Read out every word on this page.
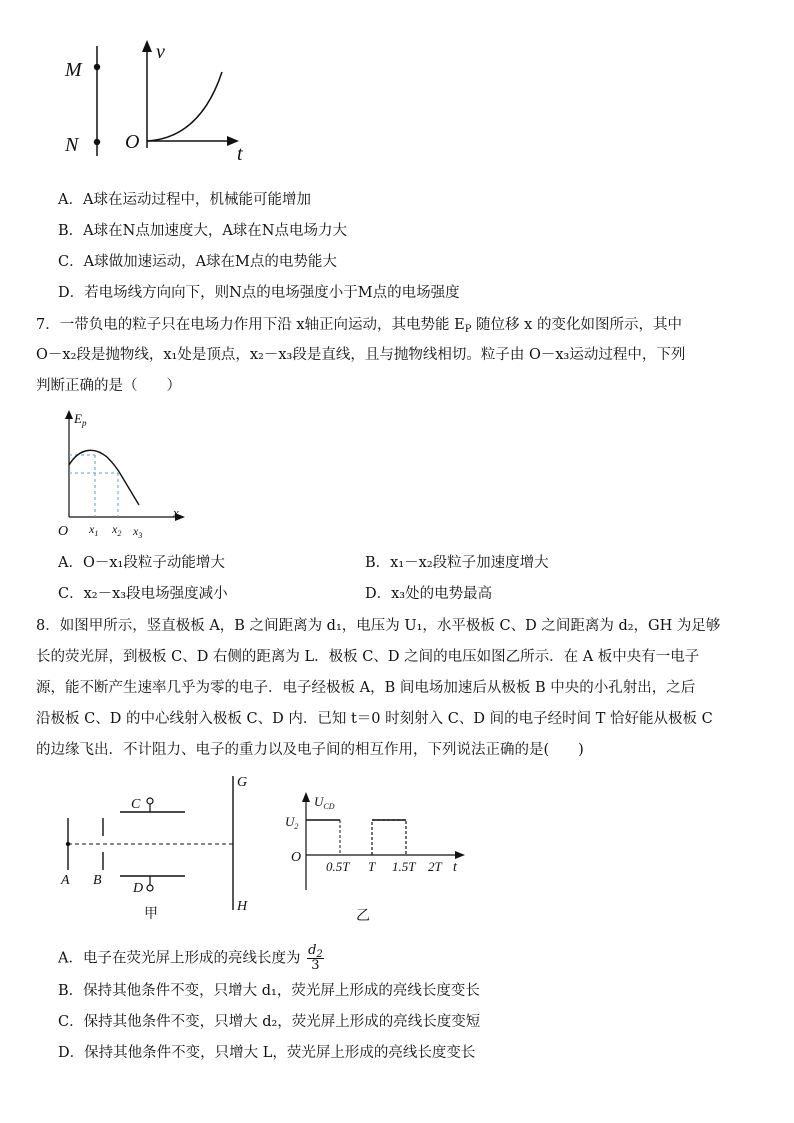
M
N
v
t
O
A．A球在运动过程中，机械能可能增加
B．A球在N点加速度大，A球在N点电场力大
C．A球做加速运动，A球在M点的电势能大
D．若电场线方向向下，则N点的电场强度小于M点的电场强度
7．一带负电的粒子只在电场力作用下沿 x轴正向运动，其电势能 $E_P$ 随位移 x 的变化如图所示，其中
O－x₂段是抛物线，x₁处是顶点，x₂－x₃段是直线，且与抛物线相切。粒子由 O－x₃运动过程中，下列
判断正确的是（　　）
$E_p$
x
O $x_1$ $x_2$ $x_3$
A．O－x₁段粒子动能增大	B．x₁－x₂段粒子加速度增大
C．x₂－x₃段电场强度减小	D．x₃处的电势最高
8．如图甲所示，竖直极板 A，B 之间距离为 d₁，电压为 U₁，水平极板 C、D 之间距离为 d₂，GH 为足够
长的荧光屏，到极板 C、D 右侧的距离为 L．极板 C、D 之间的电压如图乙所示．在 A 板中央有一电子
源，能不断产生速率几乎为零的电子．电子经极板 A，B 间电场加速后从极板 B 中央的小孔射出，之后
沿极板 C、D 的中心线射入极板 C、D 内．已知 t＝0 时刻射入 C、D 间的电子经时间 T 恰好能从极板 C
的边缘飞出．不计阻力、电子的重力以及电子间的相互作用，下列说法正确的是(　　)
C
D
A B
G
H
甲
$U_{CD}$
$U_2$
O
0.5T T 1.5T 2T t
乙
A．电子在荧光屏上形成的亮线长度为 $\frac{d_2}{3}$
B．保持其他条件不变，只增大 d₁，荧光屏上形成的亮线长度变长
C．保持其他条件不变，只增大 d₂，荧光屏上形成的亮线长度变短
D．保持其他条件不变，只增大 L，荧光屏上形成的亮线长度变长
